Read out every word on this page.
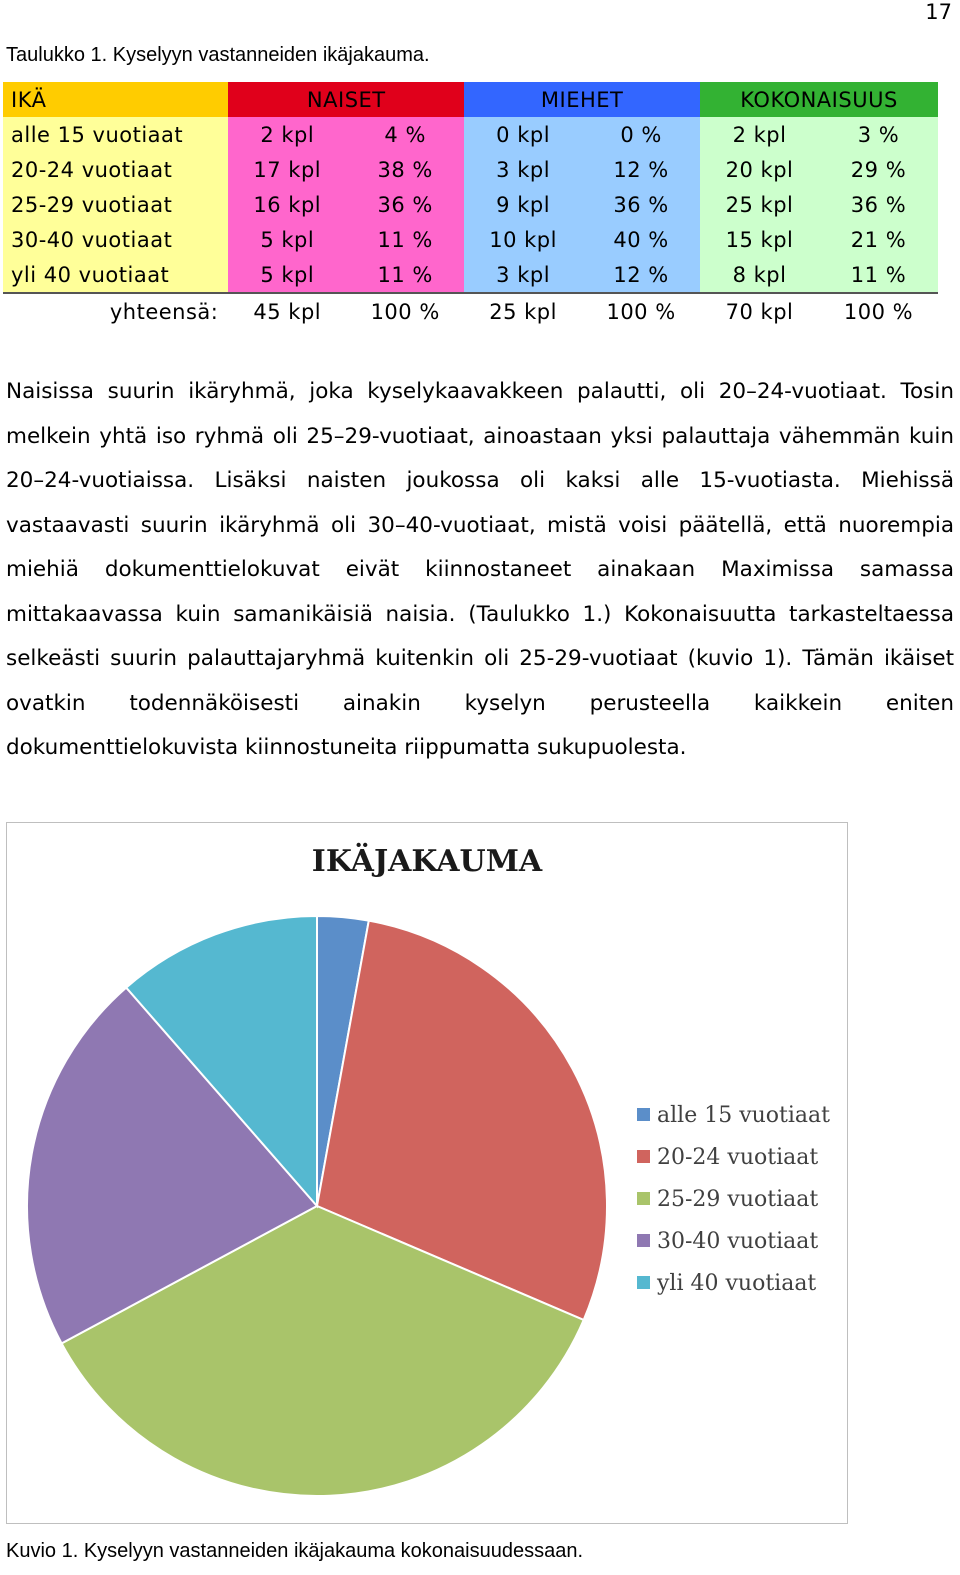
17
Taulukko 1. Kyselyyn vastanneiden ikäjakauma.
IKÄ	NAISET		MIEHET		KOKONAISUUS	
alle 15 vuotiaat	2 kpl	4 %	0 kpl	0 %	2 kpl	3 %
20-24 vuotiaat	17 kpl	38 %	3 kpl	12 %	20 kpl	29 %
25-29 vuotiaat	16 kpl	36 %	9 kpl	36 %	25 kpl	36 %
30-40 vuotiaat	5 kpl	11 %	10 kpl	40 %	15 kpl	21 %
yli 40 vuotiaat	5 kpl	11 %	3 kpl	12 %	8 kpl	11 %
yhteensä:	45 kpl	100 %	25 kpl	100 %	70 kpl	100 %

Naisissa suurin ikäryhmä, joka kyselykaavakkeen palautti, oli 20–24-vuotiaat. Tosin melkein yhtä iso ryhmä oli 25–29-vuotiaat, ainoastaan yksi palauttaja vähemmän kuin 20–24-vuotiaissa. Lisäksi naisten joukossa oli kaksi alle 15-vuotiasta. Miehissä vastaavasti suurin ikäryhmä oli 30–40-vuotiaat, mistä voisi päätellä, että nuorempia miehiä dokumenttielokuvat eivät kiinnostaneet ainakaan Maximissa samassa mittakaavassa kuin samanikäisiä naisia. (Taulukko 1.) Kokonaisuutta tarkasteltaessa selkeästi suurin palauttajaryhmä kuitenkin oli 25-29-vuotiaat (kuvio 1). Tämän ikäiset ovatkin todennäköisesti ainakin kyselyn perusteella kaikkein eniten dokumenttielokuvista kiinnostuneita riippumatta sukupuolesta.

IKÄJAKAUMA
alle 15 vuotiaat
20-24 vuotiaat
25-29 vuotiaat
30-40 vuotiaat
yli 40 vuotiaat
Kuvio 1. Kyselyyn vastanneiden ikäjakauma kokonaisuudessaan.
